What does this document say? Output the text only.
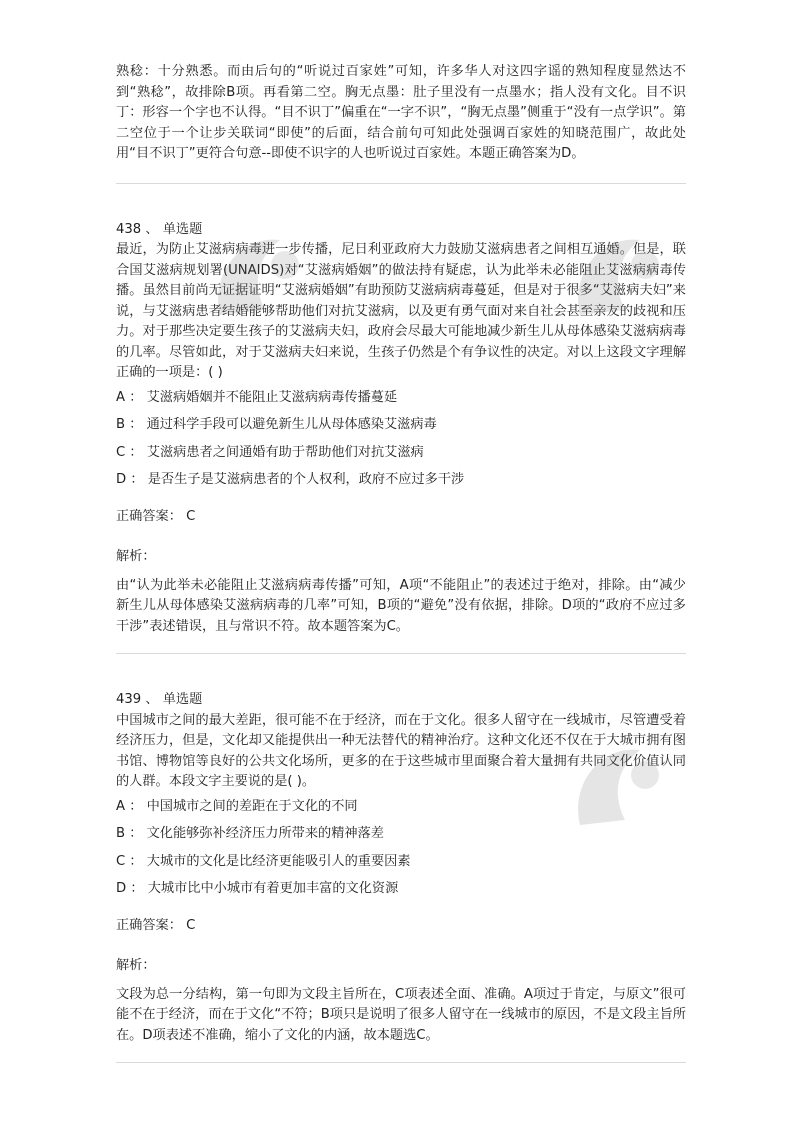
熟稔：十分熟悉。而由后句的“听说过百家姓”可知，许多华人对这四字谣的熟知程度显然达不到“熟稔”，故排除B项。再看第二空。胸无点墨：肚子里没有一点墨水；指人没有文化。目不识丁：形容一个字也不认得。“目不识丁”偏重在“一字不识”，“胸无点墨”侧重于“没有一点学识”。第二空位于一个让步关联词“即使”的后面，结合前句可知此处强调百家姓的知晓范围广，故此处用“目不识丁”更符合句意--即使不识字的人也听说过百家姓。本题正确答案为D。

438 、 单选题

最近，为防止艾滋病病毒进一步传播，尼日利亚政府大力鼓励艾滋病患者之间相互通婚。但是，联合国艾滋病规划署(UNAIDS)对“艾滋病婚姻”的做法持有疑虑，认为此举未必能阻止艾滋病病毒传播。虽然目前尚无证据证明“艾滋病婚姻”有助预防艾滋病病毒蔓延，但是对于很多“艾滋病夫妇”来说，与艾滋病患者结婚能够帮助他们对抗艾滋病，以及更有勇气面对来自社会甚至亲友的歧视和压力。对于那些决定要生孩子的艾滋病夫妇，政府会尽最大可能地减少新生儿从母体感染艾滋病病毒的几率。尽管如此，对于艾滋病夫妇来说，生孩子仍然是个有争议性的决定。对以上这段文字理解正确的一项是：( )

A ： 艾滋病婚姻并不能阻止艾滋病病毒传播蔓延

B ： 通过科学手段可以避免新生儿从母体感染艾滋病毒

C ： 艾滋病患者之间通婚有助于帮助他们对抗艾滋病

D ： 是否生子是艾滋病患者的个人权利，政府不应过多干涉

正确答案： C

解析：

由“认为此举未必能阻止艾滋病病毒传播”可知，A项“不能阻止”的表述过于绝对，排除。由“减少新生儿从母体感染艾滋病病毒的几率”可知，B项的“避免”没有依据，排除。D项的“政府不应过多干涉”表述错误，且与常识不符。故本题答案为C。

439 、 单选题

中国城市之间的最大差距，很可能不在于经济，而在于文化。很多人留守在一线城市，尽管遭受着经济压力，但是，文化却又能提供出一种无法替代的精神治疗。这种文化还不仅在于大城市拥有图书馆、博物馆等良好的公共文化场所，更多的在于这些城市里面聚合着大量拥有共同文化价值认同的人群。本段文字主要说的是( )。

A ： 中国城市之间的差距在于文化的不同

B ： 文化能够弥补经济压力所带来的精神落差

C ： 大城市的文化是比经济更能吸引人的重要因素

D ： 大城市比中小城市有着更加丰富的文化资源

正确答案： C

解析：

文段为总一分结构，第一句即为文段主旨所在，C项表述全面、准确。A项过于肯定，与原文”很可能不在于经济，而在于文化“不符；B项只是说明了很多人留守在一线城市的原因，不是文段主旨所在。D项表述不准确，缩小了文化的内涵，故本题选C。
